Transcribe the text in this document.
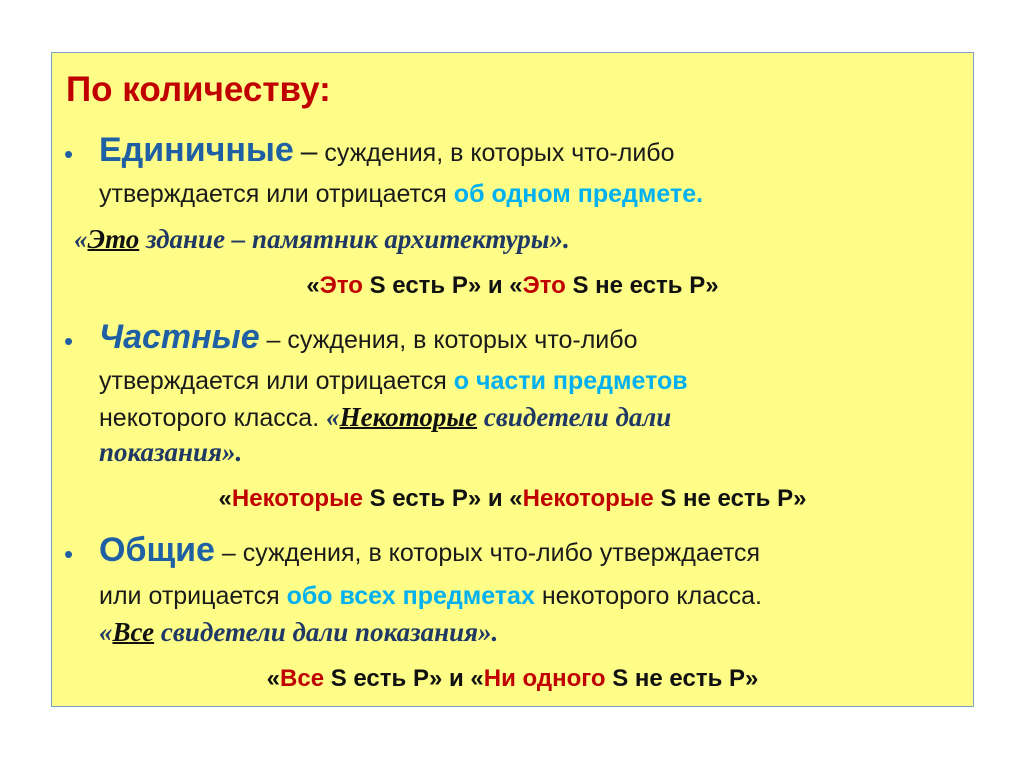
По количеству:
• Единичные – суждения, в которых что-либо
утверждается или отрицается об одном предмете.
«Это здание – памятник архитектуры».
«Это S есть Р» и «Это S не есть Р»
• Частные – суждения, в которых что-либо
утверждается или отрицается о части предметов
некоторого класса. «Некоторые свидетели дали
показания».
«Некоторые S есть Р» и «Некоторые S не есть Р»
• Общие – суждения, в которых что-либо утверждается
или отрицается обо всех предметах некоторого класса.
«Все свидетели дали показания».
«Все S есть Р» и «Ни одного S не есть Р»
